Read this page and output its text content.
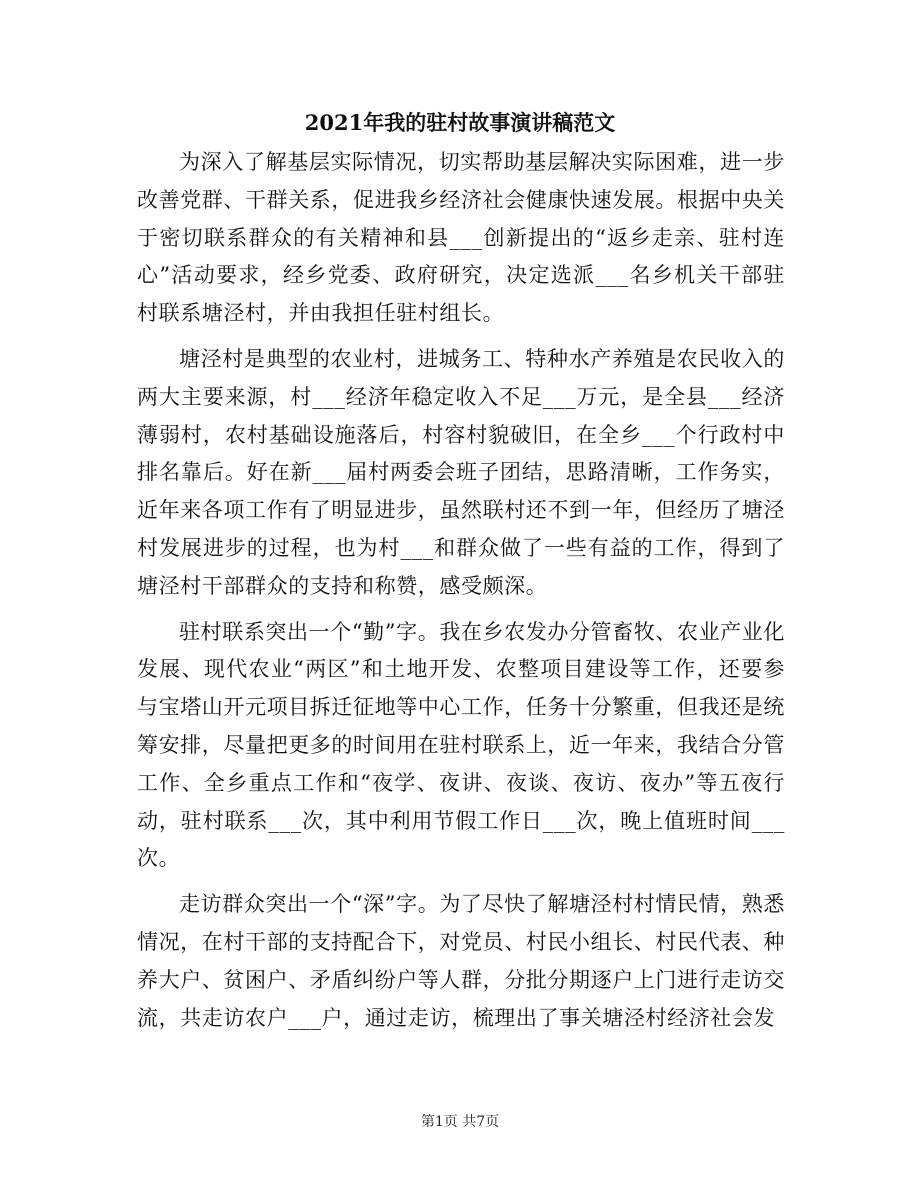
2021年我的驻村故事演讲稿范文

为深入了解基层实际情况，切实帮助基层解决实际困难，进一步改善党群、干群关系，促进我乡经济社会健康快速发展。根据中央关于密切联系群众的有关精神和县___创新提出的“返乡走亲、驻村连心”活动要求，经乡党委、政府研究，决定选派___名乡机关干部驻村联系塘泾村，并由我担任驻村组长。

塘泾村是典型的农业村，进城务工、特种水产养殖是农民收入的两大主要来源，村___经济年稳定收入不足___万元，是全县___经济薄弱村，农村基础设施落后，村容村貌破旧，在全乡___个行政村中排名靠后。好在新___届村两委会班子团结，思路清晰，工作务实，近年来各项工作有了明显进步，虽然联村还不到一年，但经历了塘泾村发展进步的过程，也为村___和群众做了一些有益的工作，得到了塘泾村干部群众的支持和称赞，感受颇深。

驻村联系突出一个“勤”字。我在乡农发办分管畜牧、农业产业化发展、现代农业“两区”和土地开发、农整项目建设等工作，还要参与宝塔山开元项目拆迁征地等中心工作，任务十分繁重，但我还是统筹安排，尽量把更多的时间用在驻村联系上，近一年来，我结合分管工作、全乡重点工作和“夜学、夜讲、夜谈、夜访、夜办”等五夜行动，驻村联系___次，其中利用节假工作日___次，晚上值班时间___次。

走访群众突出一个“深”字。为了尽快了解塘泾村村情民情，熟悉情况，在村干部的支持配合下，对党员、村民小组长、村民代表、种养大户、贫困户、矛盾纠纷户等人群，分批分期逐户上门进行走访交流，共走访农户___户，通过走访，梳理出了事关塘泾村经济社会发

第1页 共7页
